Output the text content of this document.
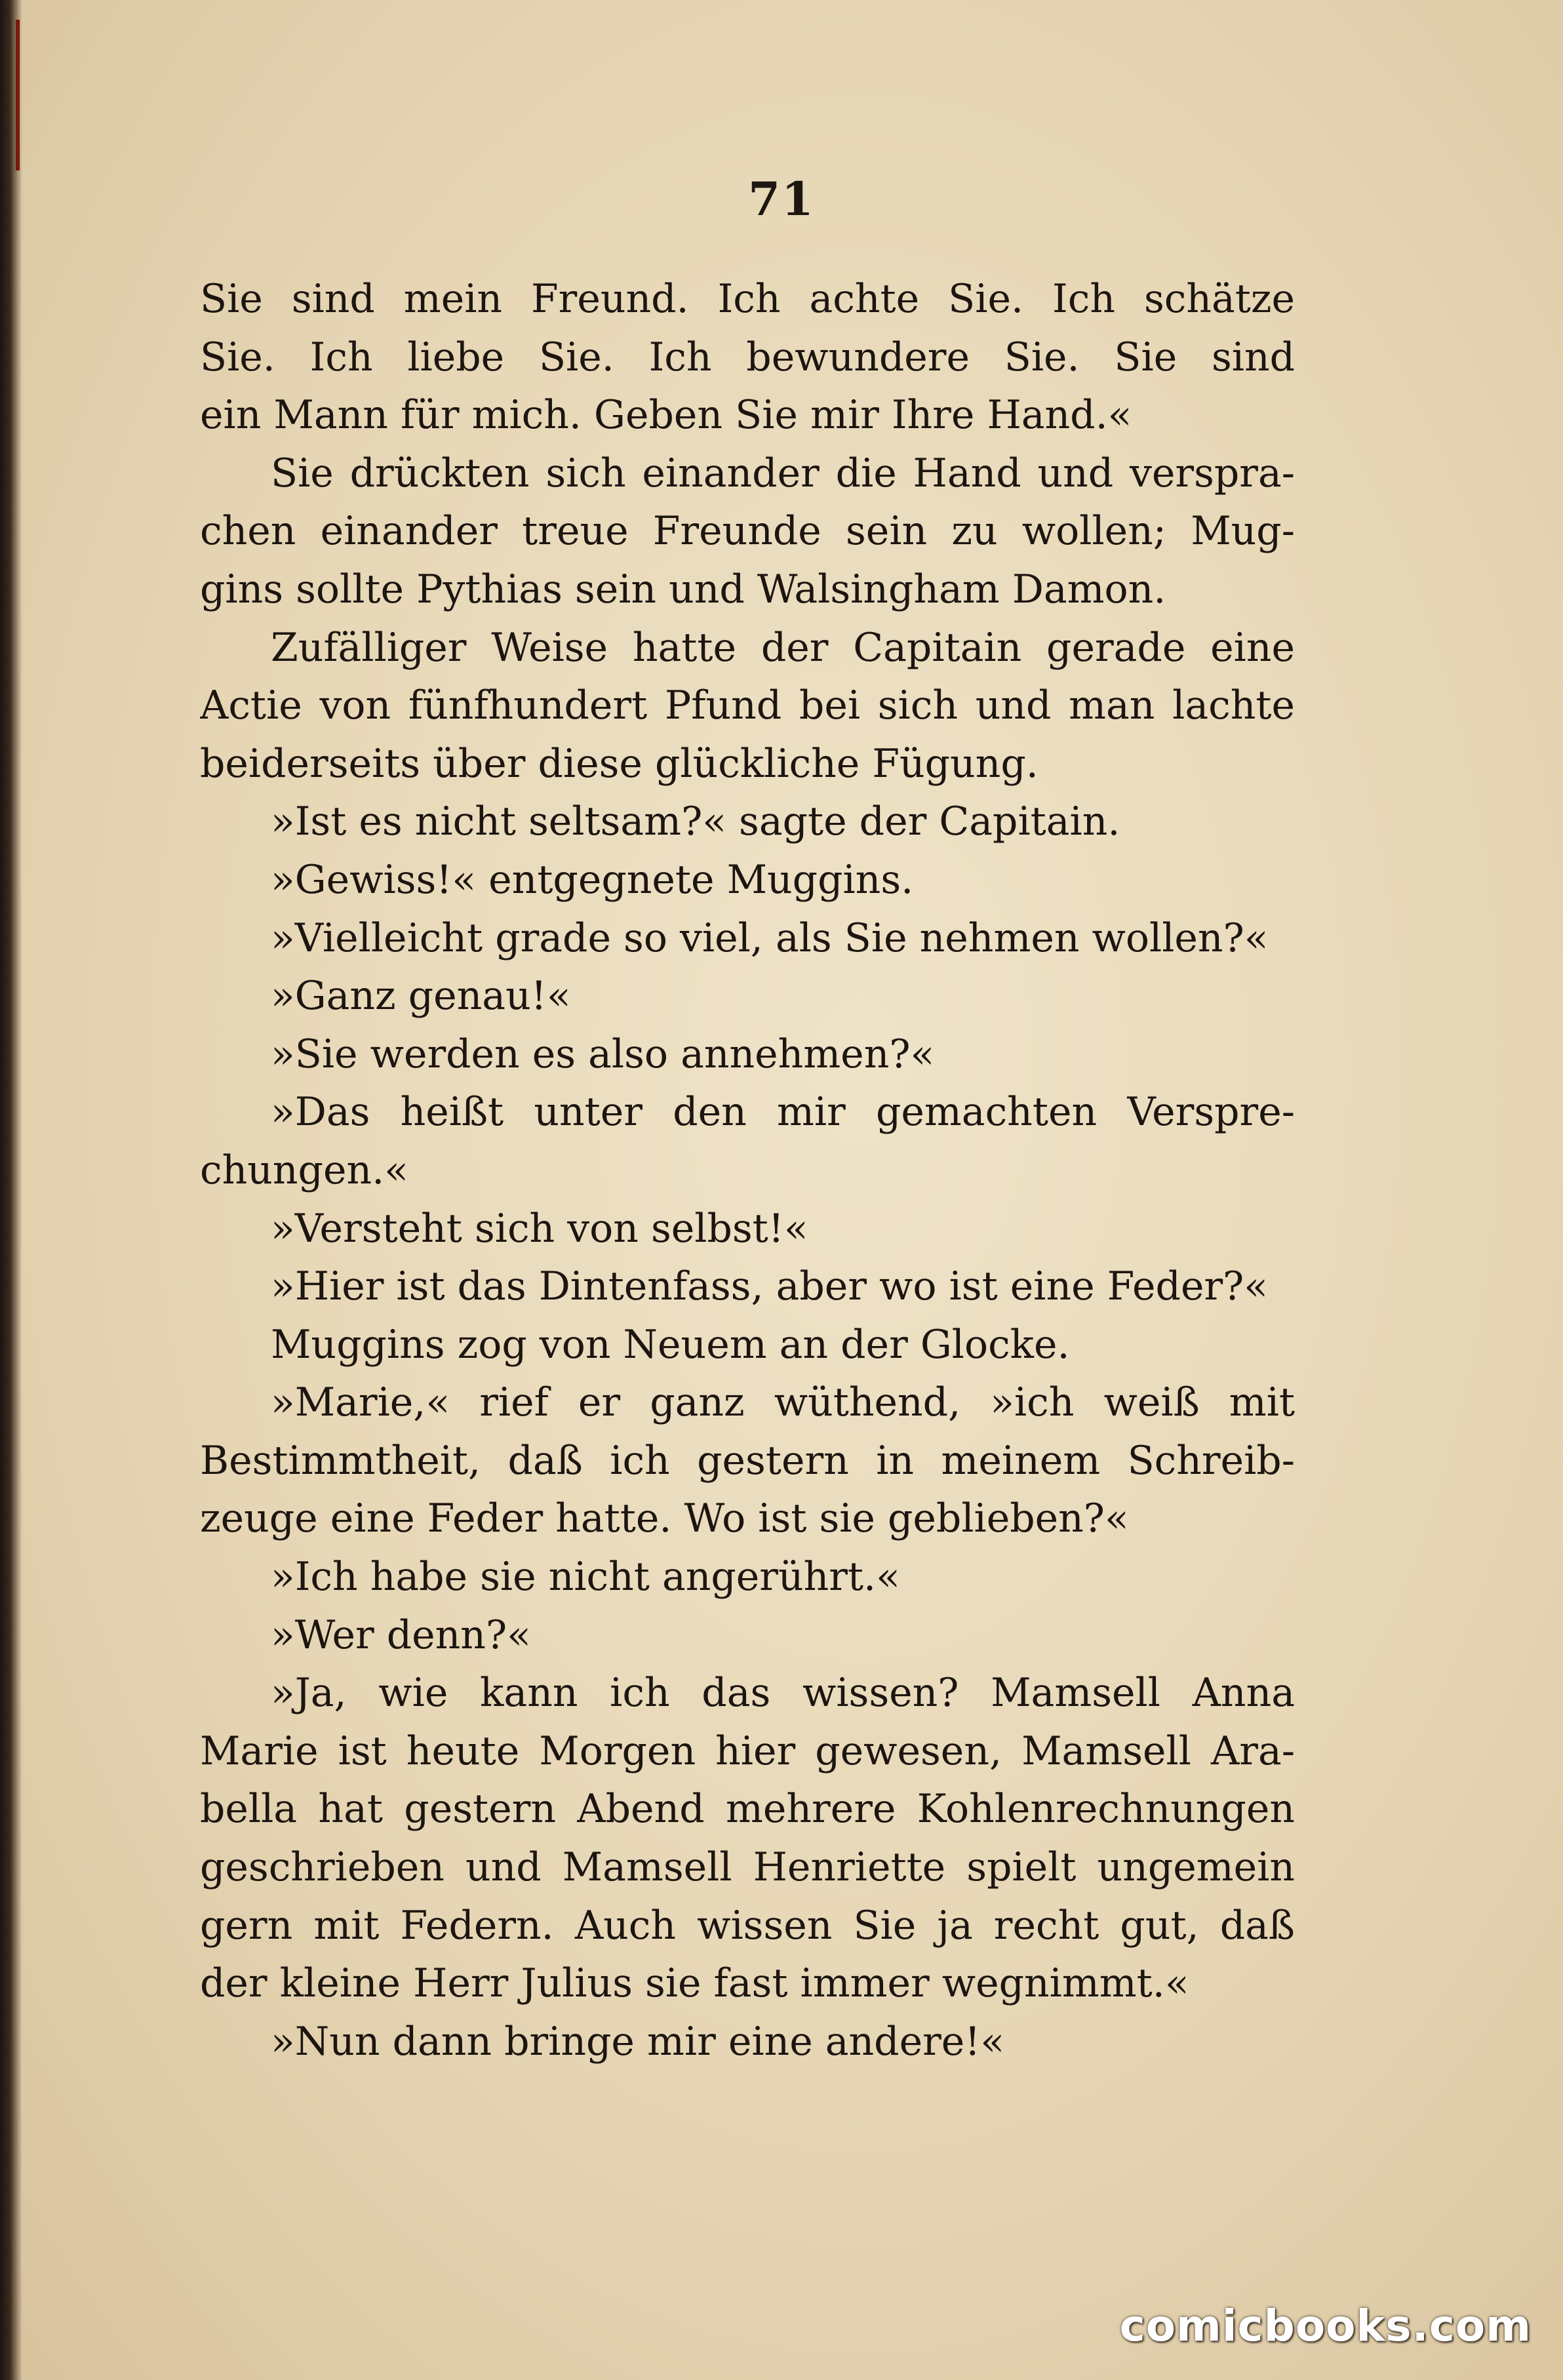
71
Sie sind mein Freund. Ich achte Sie. Ich schätze
Sie. Ich liebe Sie. Ich bewundere Sie. Sie sind
ein Mann für mich. Geben Sie mir Ihre Hand.«
Sie drückten sich einander die Hand und verspra-
chen einander treue Freunde sein zu wollen; Mug-
gins sollte Pythias sein und Walsingham Damon.
Zufälliger Weise hatte der Capitain gerade eine
Actie von fünfhundert Pfund bei sich und man lachte
beiderseits über diese glückliche Fügung.
»Ist es nicht seltsam?« sagte der Capitain.
»Gewiss!« entgegnete Muggins.
»Vielleicht grade so viel, als Sie nehmen wollen?«
»Ganz genau!«
»Sie werden es also annehmen?«
»Das heißt unter den mir gemachten Verspre-
chungen.«
»Versteht sich von selbst!«
»Hier ist das Dintenfass, aber wo ist eine Feder?«
Muggins zog von Neuem an der Glocke.
»Marie,« rief er ganz wüthend, »ich weiß mit
Bestimmtheit, daß ich gestern in meinem Schreib-
zeuge eine Feder hatte. Wo ist sie geblieben?«
»Ich habe sie nicht angerührt.«
»Wer denn?«
»Ja, wie kann ich das wissen? Mamsell Anna
Marie ist heute Morgen hier gewesen, Mamsell Ara-
bella hat gestern Abend mehrere Kohlenrechnungen
geschrieben und Mamsell Henriette spielt ungemein
gern mit Federn. Auch wissen Sie ja recht gut, daß
der kleine Herr Julius sie fast immer wegnimmt.«
»Nun dann bringe mir eine andere!«
comicbooks.com
